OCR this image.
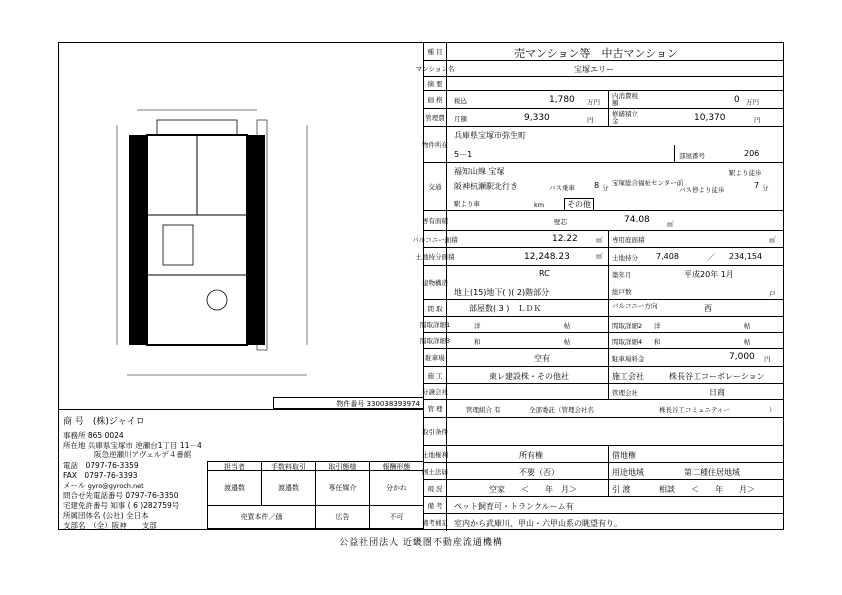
物件番号 330038393974
商 号　 (株)ジャイロ
事務所 865 0024
所在地 兵庫県宝塚市 逆瀬台1丁目 11－4
阪急逆瀬川アヴェルデ４番館
電話　 0797-76-3359
FAX　 0797-76-3393
メール gyro@gyroch.net
問合せ先電話番号 0797-76-3350
宅建免許番号 知事 ( 6 )282759号
所属団体名 (公社) 全日本
支部名　（全）阪神　　支部
担当者	手数料取引	取引態様	報酬形態
渡邉数	渡邉数	専任媒介	分かれ
売買本件／価	広告	不可
種 目	売マンション等　中古マンション
マンション名	宝塚エリー
摘 要
価 格	税込	1,780 万円
内消費税額	0 万円
管理費	月額	9,330	円
修繕積立金	10,370	円
物件所在
兵庫県宝塚市弥生町
5－1	部屋番号	206
交通
福知山線 宝塚	駅より徒歩
阪神杭瀬駅北行き	バス乗車 8 分
宝塚総合福祉センター前
バス停より徒歩	7 分
駅より車	km	その他
専有面積	壁芯	74.08	㎡
バルコニー面積	12.22	㎡ 専用庭面積	㎡
土地持分面積	12,248.23	㎡ 土地持分 7,408	／ 234,154
建物構造
RC	築年月	平成20年 1月
地上(15)地下( )( 2)階部分	総戸数	戸
間 取	部屋数( 3 )　ＬＤＫ	バルコニー方向	西
間取詳細1	洋	帖	間取詳細2 洋	帖
間取詳細3	和	帖	間取詳細4 和	帖
駐車場	空有	駐車場料金	7,000 円
施 工	東レ建設株・その他社	施工会社	株長谷工コーポレーション
分譲会社	管理会社	日商
管 理	管理組合 有	全部委託（管理会社名	株長谷工コミュニティー	）
取引条件
土地権利	所有権	借地権
国土法届	不要（否）	用途地域	第二種住居地域
現 況	空家　　＜　　年　月＞	引 渡	相談　　＜　　年　　月＞
備 考	ペット飼育可・トランクルーム有
備考補足 室内から武庫川、甲山・六甲山系の眺望有り。
公益社団法人 近畿圏不動産流通機構
